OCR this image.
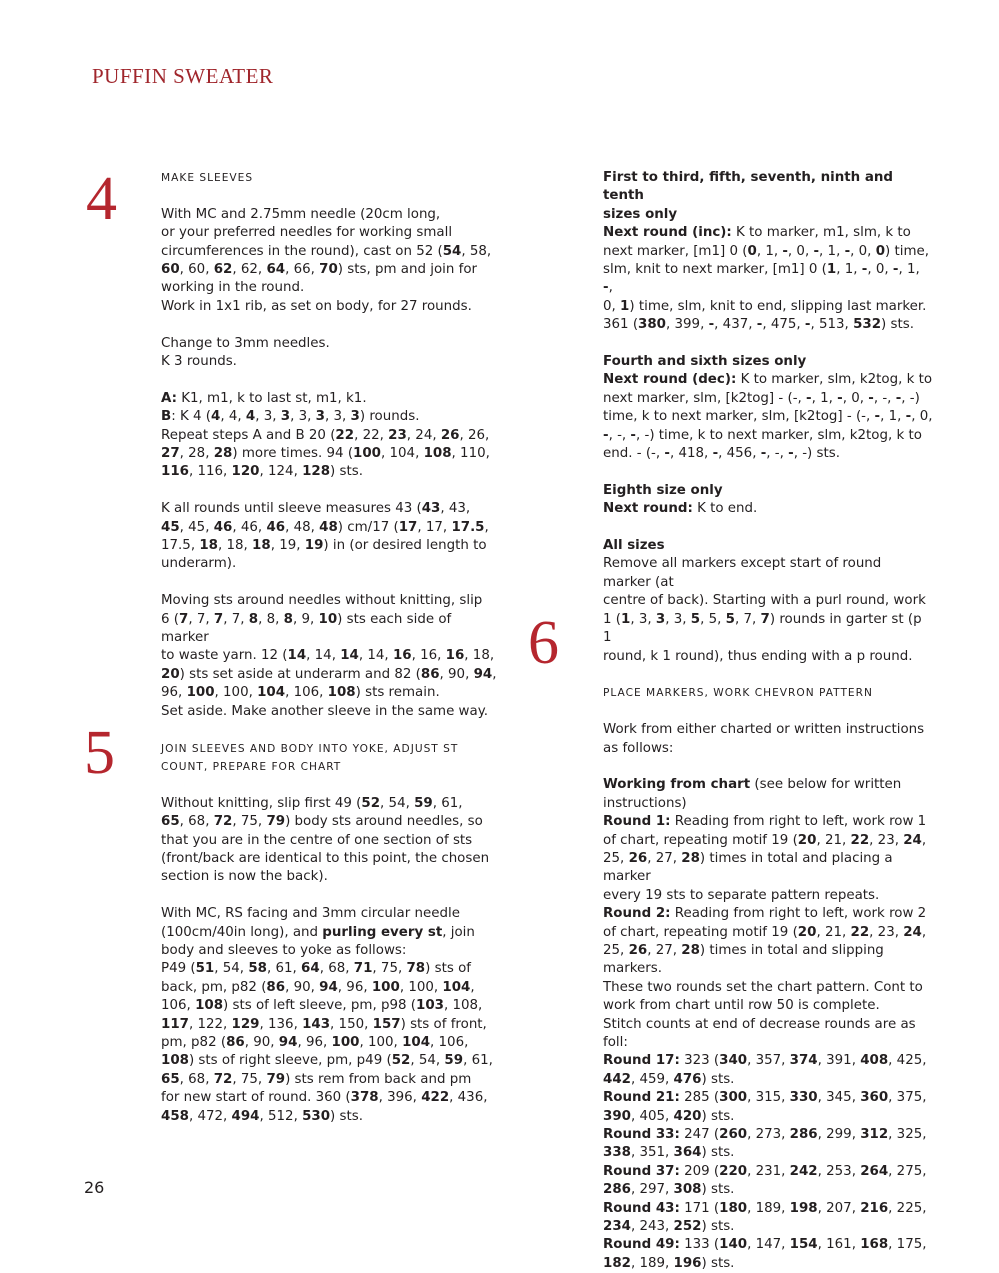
PUFFIN SWEATER
4
5
6

MAKE SLEEVES

With MC and 2.75mm needle (20cm long,

or your preferred needles for working small

circumferences in the round), cast on 52 (54, 58,

60, 60, 62, 62, 64, 66, 70) sts, pm and join for

working in the round.

Work in 1x1 rib, as set on body, for 27 rounds.

Change to 3mm needles.

K 3 rounds.

A: K1, m1, k to last st, m1, k1.

B: K 4 (4, 4, 4, 3, 3, 3, 3, 3, 3) rounds.

Repeat steps A and B 20 (22, 22, 23, 24, 26, 26,

27, 28, 28) more times. 94 (100, 104, 108, 110,

116, 116, 120, 124, 128) sts.

K all rounds until sleeve measures 43 (43, 43,

45, 45, 46, 46, 46, 48, 48) cm/17 (17, 17, 17.5,

17.5, 18, 18, 18, 19, 19) in (or desired length to

underarm).

Moving sts around needles without knitting, slip

6 (7, 7, 7, 7, 8, 8, 8, 9, 10) sts each side of marker

to waste yarn. 12 (14, 14, 14, 14, 16, 16, 16, 18,

20) sts set aside at underarm and 82 (86, 90, 94,

96, 100, 100, 104, 106, 108) sts remain.

Set aside. Make another sleeve in the same way.

JOIN SLEEVES AND BODY INTO YOKE, ADJUST ST

COUNT, PREPARE FOR CHART

Without knitting, slip first 49 (52, 54, 59, 61,

65, 68, 72, 75, 79) body sts around needles, so

that you are in the centre of one section of sts

(front/back are identical to this point, the chosen

section is now the back).

With MC, RS facing and 3mm circular needle

(100cm/40in long), and purling every st, join

body and sleeves to yoke as follows:

P49 (51, 54, 58, 61, 64, 68, 71, 75, 78) sts of

back, pm, p82 (86, 90, 94, 96, 100, 100, 104,

106, 108) sts of left sleeve, pm, p98 (103, 108,

117, 122, 129, 136, 143, 150, 157) sts of front,

pm, p82 (86, 90, 94, 96, 100, 100, 104, 106,

108) sts of right sleeve, pm, p49 (52, 54, 59, 61,

65, 68, 72, 75, 79) sts rem from back and pm

for new start of round. 360 (378, 396, 422, 436,

458, 472, 494, 512, 530) sts.

First to third, fifth, seventh, ninth and tenth

sizes only

Next round (inc): K to marker, m1, slm, k to

next marker, [m1] 0 (0, 1, -, 0, -, 1, -, 0, 0) time,

slm, knit to next marker, [m1] 0 (1, 1, -, 0, -, 1, -,

0, 1) time, slm, knit to end, slipping last marker.

361 (380, 399, -, 437, -, 475, -, 513, 532) sts.

Fourth and sixth sizes only

Next round (dec): K to marker, slm, k2tog, k to

next marker, slm, [k2tog] - (-, -, 1, -, 0, -, -, -, -)

time, k to next marker, slm, [k2tog] - (-, -, 1, -, 0,

-, -, -, -) time, k to next marker, slm, k2tog, k to

end. - (-, -, 418, -, 456, -, -, -, -) sts.

Eighth size only

Next round: K to end.

All sizes

Remove all markers except start of round marker (at

centre of back). Starting with a purl round, work

1 (1, 3, 3, 3, 5, 5, 5, 7, 7) rounds in garter st (p 1

round, k 1 round), thus ending with a p round.

PLACE MARKERS, WORK CHEVRON PATTERN

Work from either charted or written instructions

as follows:

Working from chart (see below for written

instructions)

Round 1: Reading from right to left, work row 1

of chart, repeating motif 19 (20, 21, 22, 23, 24,

25, 26, 27, 28) times in total and placing a marker

every 19 sts to separate pattern repeats.

Round 2: Reading from right to left, work row 2

of chart, repeating motif 19 (20, 21, 22, 23, 24,

25, 26, 27, 28) times in total and slipping markers.

These two rounds set the chart pattern. Cont to

work from chart until row 50 is complete.

Stitch counts at end of decrease rounds are as foll:

Round 17: 323 (340, 357, 374, 391, 408, 425,

442, 459, 476) sts.

Round 21: 285 (300, 315, 330, 345, 360, 375,

390, 405, 420) sts.

Round 33: 247 (260, 273, 286, 299, 312, 325,

338, 351, 364) sts.

Round 37: 209 (220, 231, 242, 253, 264, 275,

286, 297, 308) sts.

Round 43: 171 (180, 189, 198, 207, 216, 225,

234, 243, 252) sts.

Round 49: 133 (140, 147, 154, 161, 168, 175,

182, 189, 196) sts.

26
